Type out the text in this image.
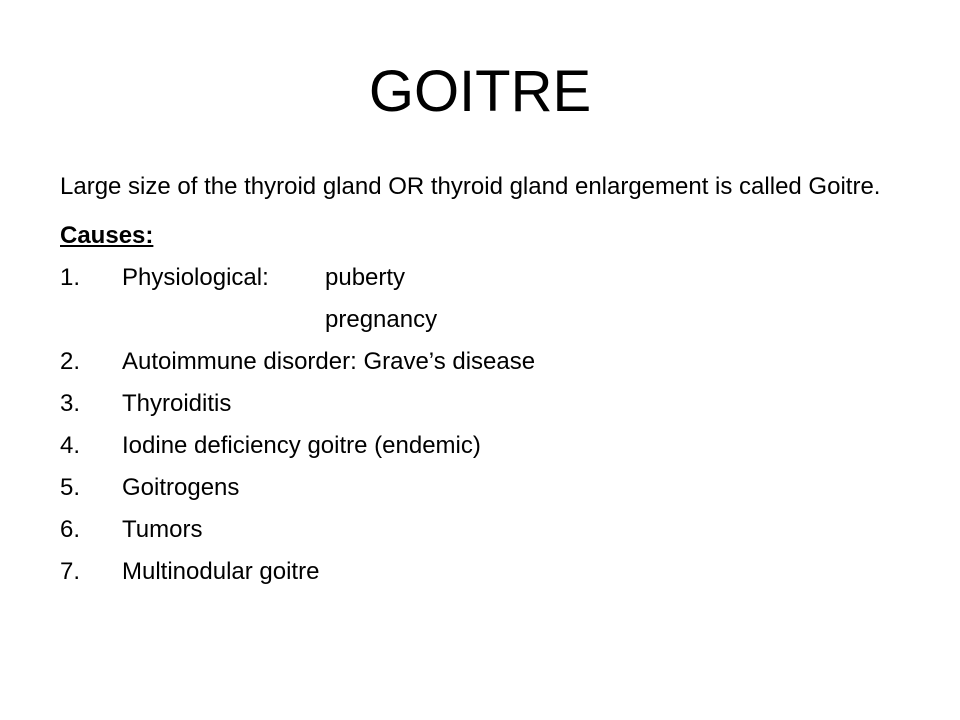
GOITRE

Large size of the thyroid gland OR thyroid gland enlargement is called Goitre.

Causes:

1. Physiological: puberty
pregnancy
2. Autoimmune disorder: Grave’s disease
3. Thyroiditis
4. Iodine deficiency goitre (endemic)
5. Goitrogens
6. Tumors
7. Multinodular goitre
